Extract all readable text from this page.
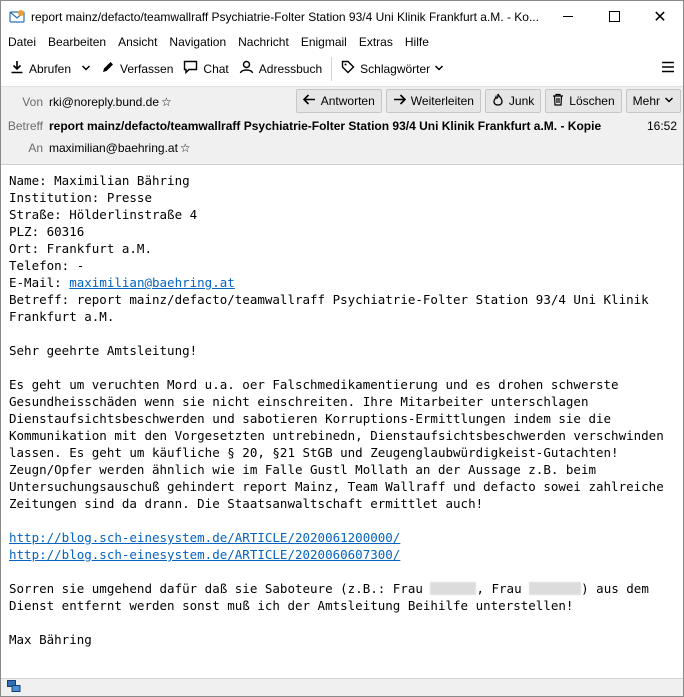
report mainz/defacto/teamwallraff Psychiatrie-Folter Station 93/4 Uni Klinik Frankfurt a.M. - Ko...	✕
Datei Bearbeiten Ansicht Navigation Nachricht Enigmail Extras Hilfe
Abrufen	Verfassen	Chat	Adressbuch	Schlagwörter
Von rki@noreply.bund.de ☆	Antworten	Weiterleiten	Junk	Löschen Mehr
Betreff report mainz/defacto/teamwallraff Psychiatrie-Folter Station 93/4 Uni Klinik Frankfurt a.M. - Kopie	16:52
An maximilian@baehring.at ☆
Name: Maximilian Bähring
Institution: Presse
Straße: Hölderlinstraße 4
PLZ: 60316
Ort: Frankfurt a.M.
Telefon: -
E-Mail: maximilian@baehring.at
Betreff: report mainz/defacto/teamwallraff Psychiatrie-Folter Station 93/4 Uni Klinik Frankfurt a.M.
Sehr geehrte Amtsleitung!
Es geht um veruchten Mord u.a. oer Falschmedikamentierung und es drohen schwerste Gesundheisschäden wenn sie nicht einschreiten. Ihre Mitarbeiter unterschlagen Dienstaufsichtsbeschwerden und sabotieren Korruptions-Ermittlungen indem sie die Kommunikation mit den Vorgesetzten untrebinedn, Dienstaufsichtsbeschwerden verschwinden lassen. Es geht um käufliche § 20, §21 StGB und Zeugenglaubwürdigkeist-Gutachten! Zeugn/Opfer werden ähnlich wie im Falle Gustl Mollath an der Aussage z.B. beim Untersuchungsauschuß gehindert report Mainz, Team Wallraff und defacto sowei zahlreiche Zeitungen sind da drann. Die Staatsanwaltschaft ermittlet auch!
http://blog.sch-einesystem.de/ARTICLE/2020061200000/
http://blog.sch-einesystem.de/ARTICLE/2020060607300/
Sorren sie umgehend dafür daß sie Saboteure (z.B.: Frau	, Frau	) aus dem Dienst entfernt werden sonst muß ich der Amtsleitung Beihilfe unterstellen!
Max Bähring
